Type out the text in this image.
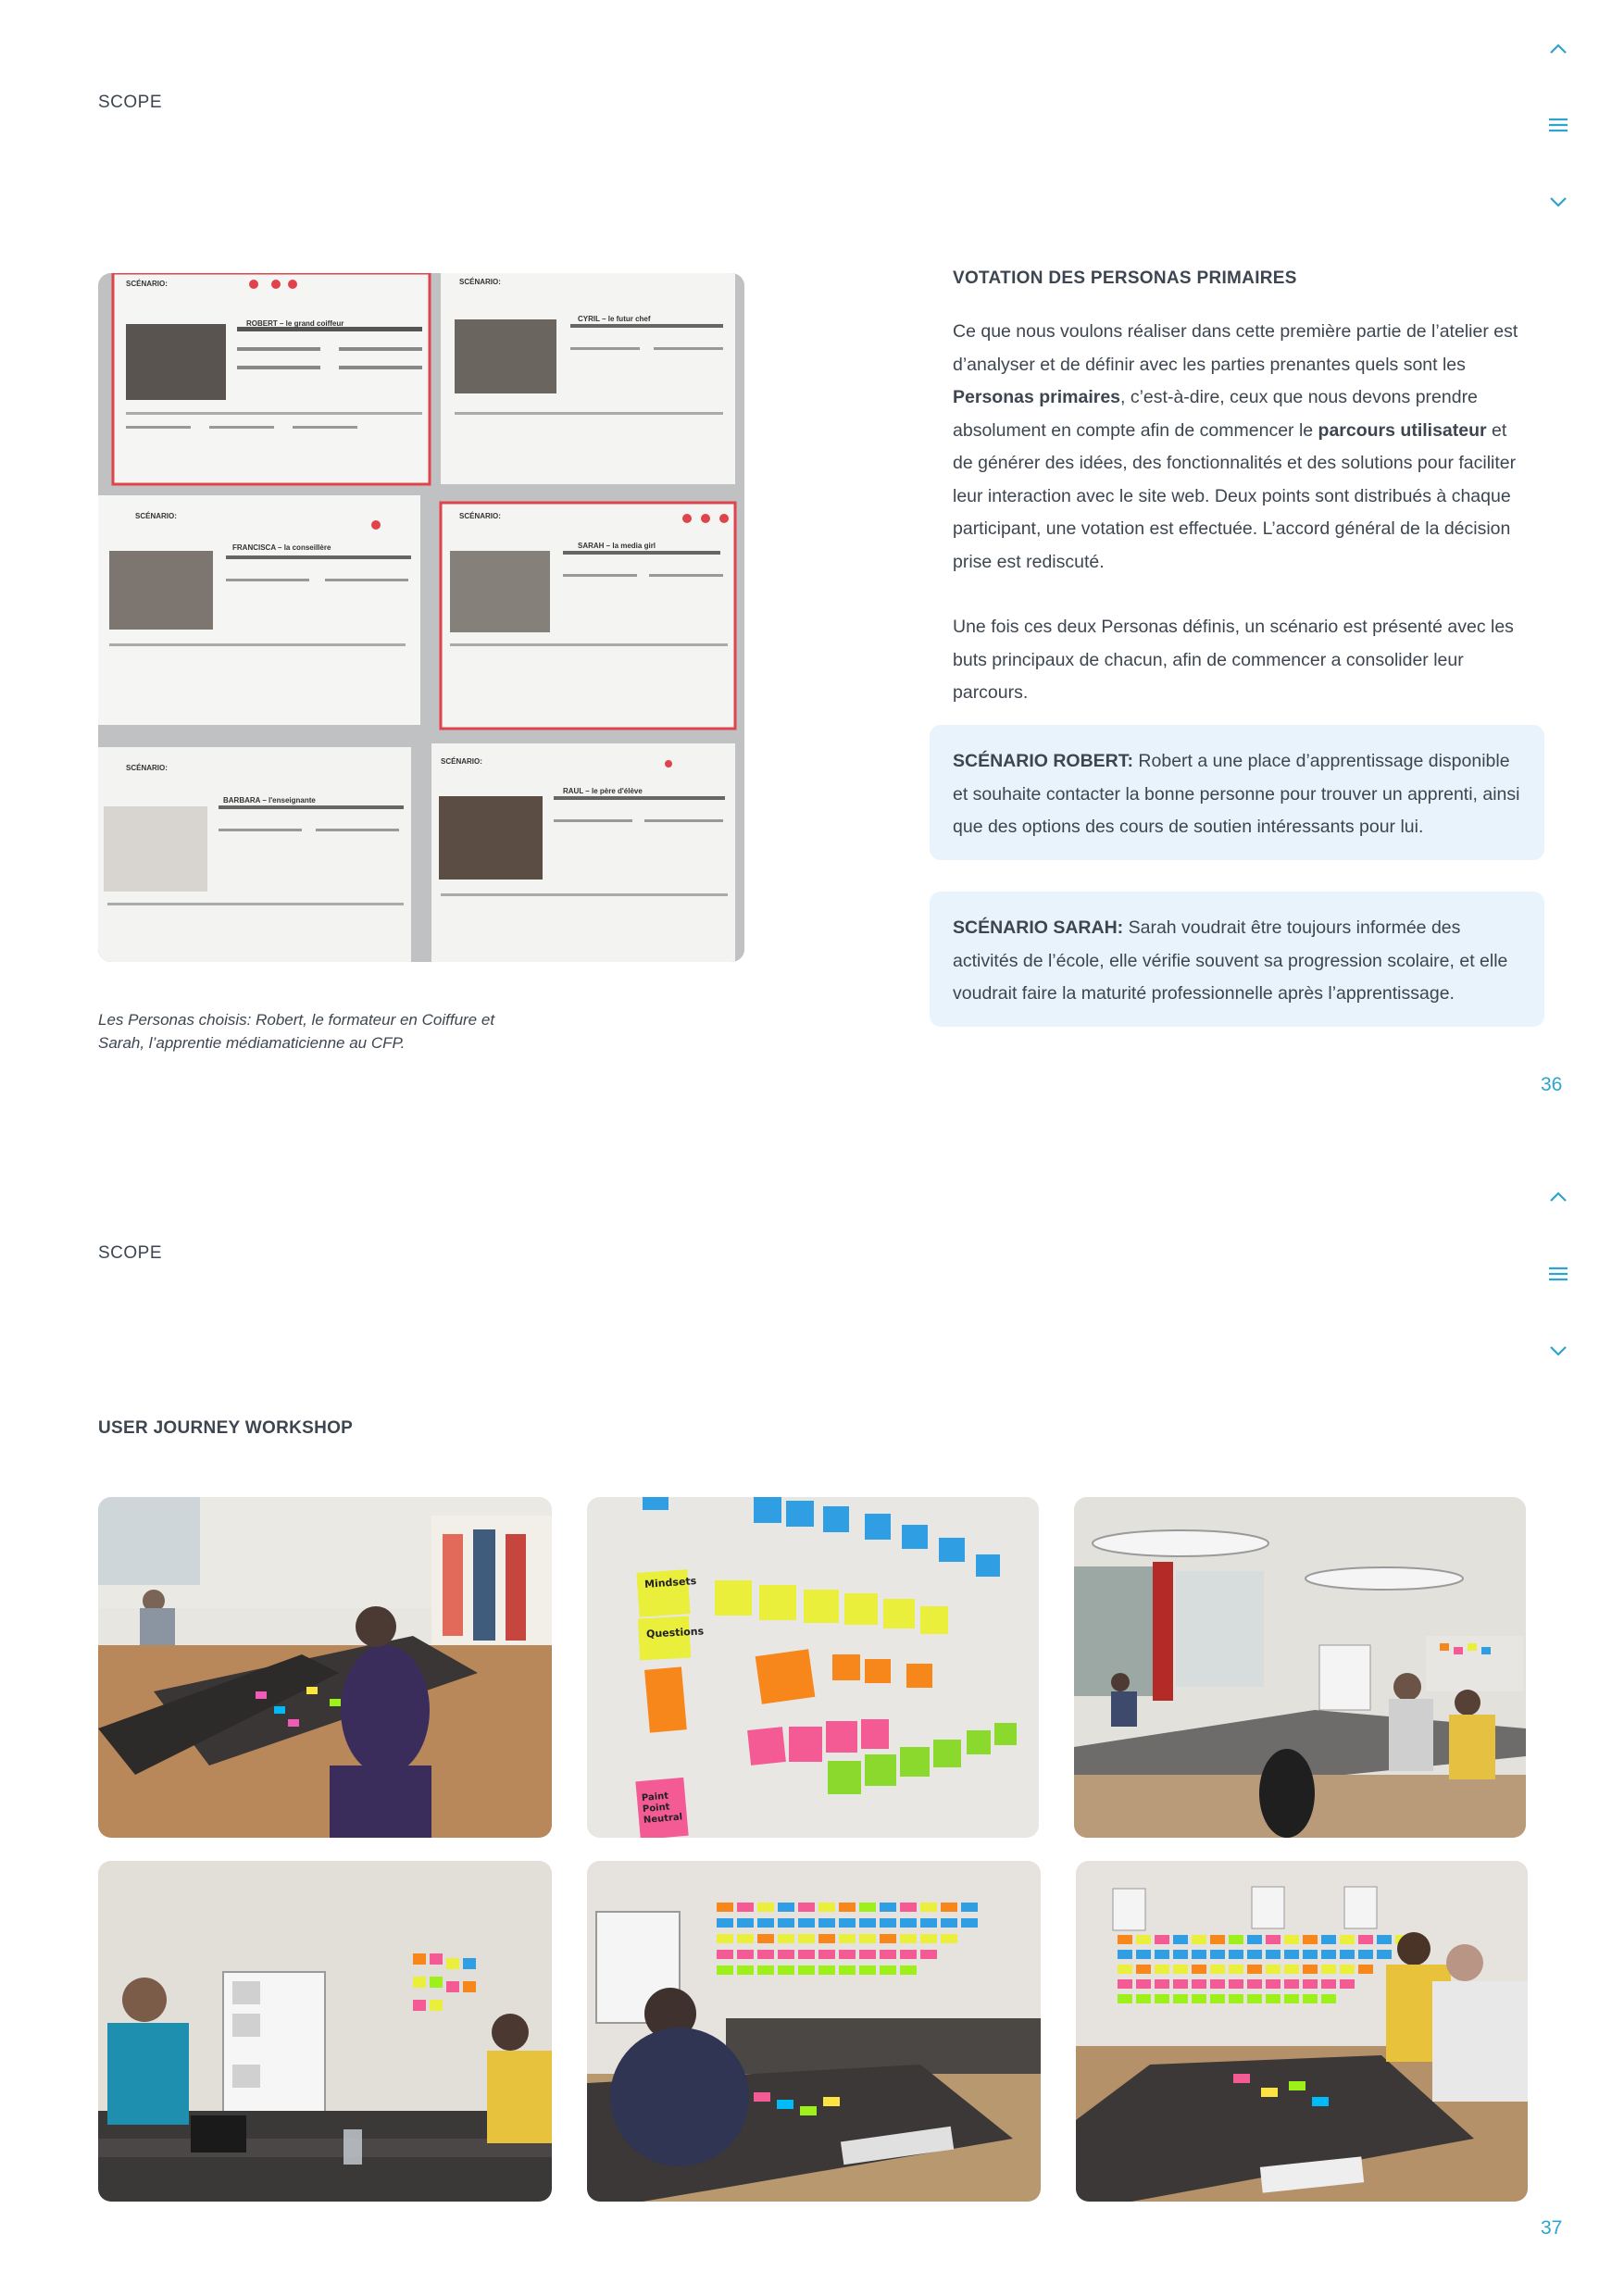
SCOPE
SCÉNARIO:
ROBERT – le grand coiffeur
SCÉNARIO:
CYRIL – le futur chef
SCÉNARIO:
FRANCISCA – la conseillère
SCÉNARIO:
SARAH – la media girl
SCÉNARIO:
BARBARA – l'enseignante
SCÉNARIO:
RAUL – le père d'élève
Les Personas choisis: Robert, le formateur en Coiffure et
Sarah, l’apprentie médiamaticienne au CFP.
VOTATION DES PERSONAS PRIMAIRES

Ce que nous voulons réaliser dans cette première partie de l’atelier est d’analyser et de définir avec les parties prenantes quels sont les Personas primaires, c’est-à-dire, ceux que nous devons prendre absolument en compte afin de commencer le parcours utilisateur et de générer des idées, des fonctionnalités et des solutions pour faciliter leur interaction avec le site web. Deux points sont distribués à chaque participant, une votation est effectuée. L’accord général de la décision prise est rediscuté.

Une fois ces deux Personas définis, un scénario est présenté avec les buts principaux de chacun, afin de commencer a consolider leur parcours.

SCÉNARIO ROBERT: Robert a une place d’apprentissage disponible et souhaite contacter la bonne personne pour trouver un apprenti, ainsi que des options des cours de soutien intéressants pour lui.
SCÉNARIO SARAH: Sarah voudrait être toujours informée des activités de l’école, elle vérifie souvent sa progression scolaire, et elle voudrait faire la maturité professionnelle après l’apprentissage.
36
SCOPE
USER JOURNEY WORKSHOP
Mindsets
Questions
Paint Point Neutral
37
